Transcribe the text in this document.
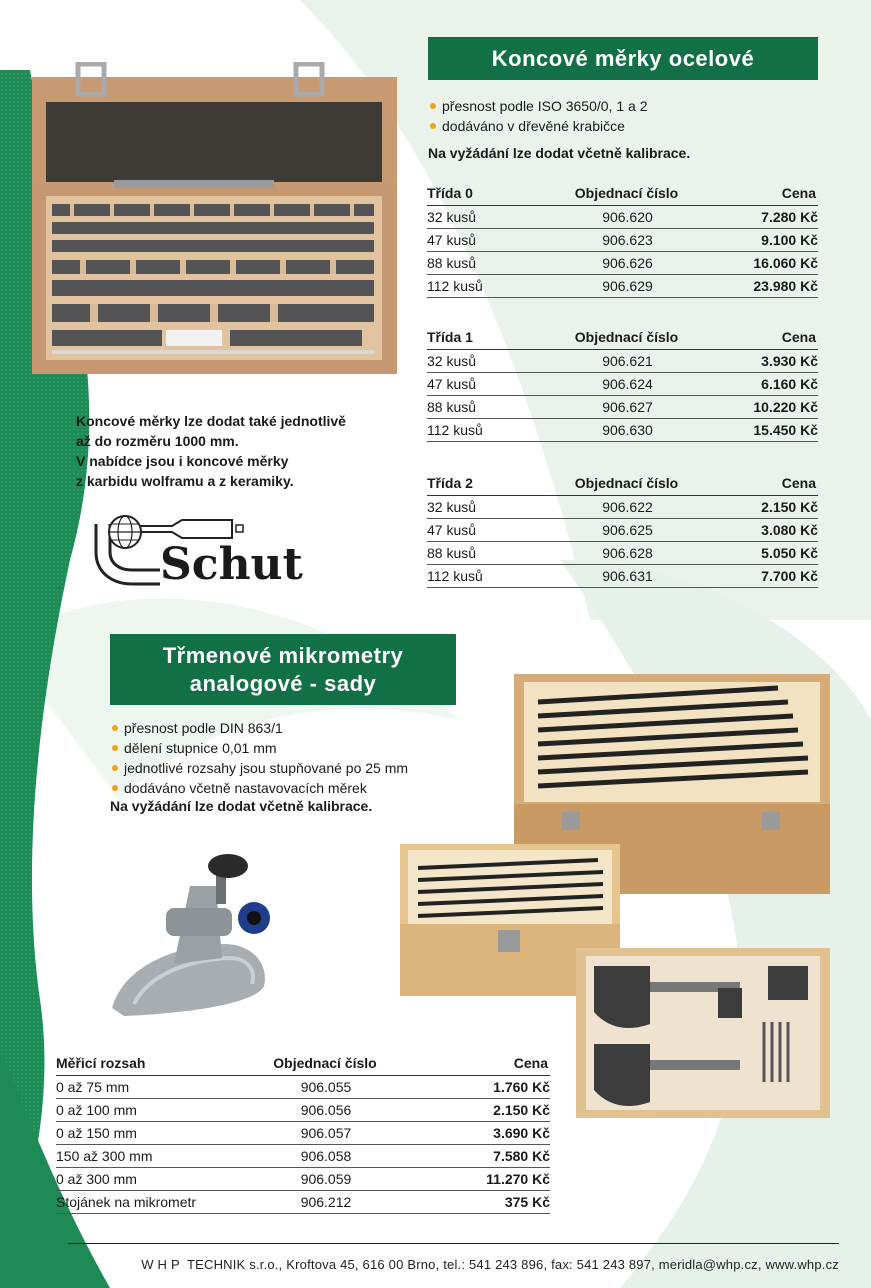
Koncové měrky ocelové
přesnost podle ISO 3650/0, 1 a 2
dodáváno v dřevěné krabičce
Na vyžádání lze dodat včetně kalibrace.
Třída 0	Objednací číslo	Cena
32 kusů	906.620	7.280 Kč
47 kusů	906.623	9.100 Kč
88 kusů	906.626	16.060 Kč
112 kusů	906.629	23.980 Kč
Třída 1	Objednací číslo	Cena
32 kusů	906.621	3.930 Kč
47 kusů	906.624	6.160 Kč
88 kusů	906.627	10.220 Kč
112 kusů	906.630	15.450 Kč
Třída 2	Objednací číslo	Cena
32 kusů	906.622	2.150 Kč
47 kusů	906.625	3.080 Kč
88 kusů	906.628	5.050 Kč
112 kusů	906.631	7.700 Kč
Koncové měrky lze dodat také jednotlivě
až do rozměru 1000 mm.
V nabídce jsou i koncové měrky
z karbidu wolframu a z keramiky.
Schut
Třmenové mikrometry
analogové - sady
přesnost podle DIN 863/1
dělení stupnice 0,01 mm
jednotlivé rozsahy jsou stupňované po 25 mm
dodáváno včetně nastavovacích měrek
Na vyžádání lze dodat včetně kalibrace.
Měřicí rozsah	Objednací číslo	Cena
0 až 75 mm	906.055	1.760 Kč
0 až 100 mm	906.056	2.150 Kč
0 až 150 mm	906.057	3.690 Kč
150 až 300 mm	906.058	7.580 Kč
0 až 300 mm	906.059	11.270 Kč
Stojánek na mikrometr	906.212	375 Kč
W H P  TECHNIK s.r.o., Kroftova 45, 616 00 Brno, tel.: 541 243 896, fax: 541 243 897, meridla@whp.cz, www.whp.cz
